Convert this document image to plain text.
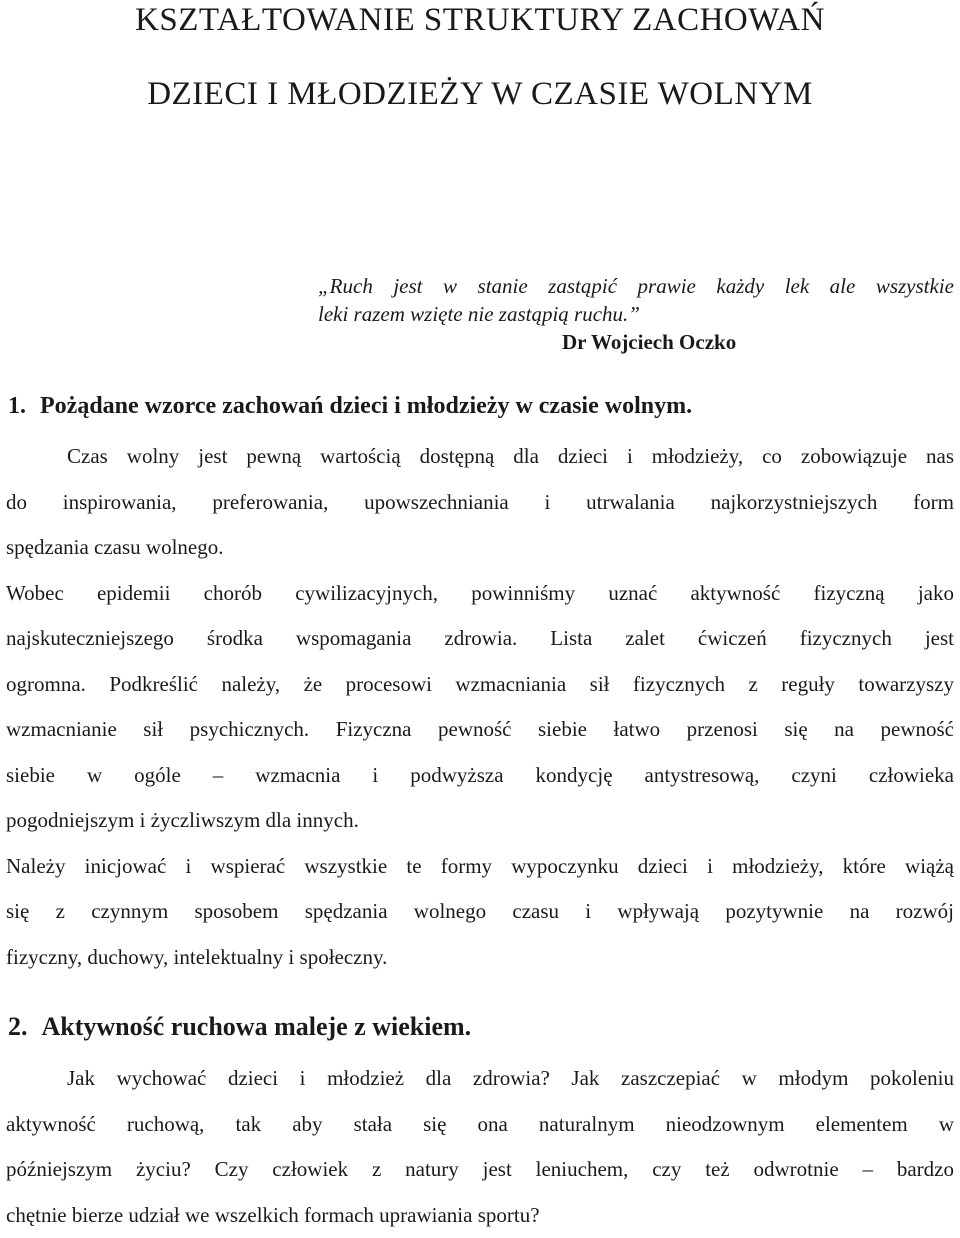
KSZTAŁTOWANIE STRUKTURY ZACHOWAŃ
DZIECI I MŁODZIEŻY W CZASIE WOLNYM

„Ruch jest w stanie zastąpić prawie każdy lek ale wszystkie

leki razem wzięte nie zastąpią ruchu.”

Dr Wojciech Oczko

1. Pożądane wzorce zachowań dzieci i młodzieży w czasie wolnym.
Czas wolny jest pewną wartością dostępną dla dzieci i młodzieży, co zobowiązuje nas
do inspirowania, preferowania, upowszechniania i utrwalania najkorzystniejszych form
spędzania czasu wolnego.
Wobec epidemii chorób cywilizacyjnych, powinniśmy uznać aktywność fizyczną jako
najskuteczniejszego środka wspomagania zdrowia. Lista zalet ćwiczeń fizycznych jest
ogromna. Podkreślić należy, że procesowi wzmacniania sił fizycznych z reguły towarzyszy
wzmacnianie sił psychicznych. Fizyczna pewność siebie łatwo przenosi się na pewność
siebie w ogóle – wzmacnia i podwyższa kondycję antystresową, czyni człowieka
pogodniejszym i życzliwszym dla innych.
Należy inicjować i wspierać wszystkie te formy wypoczynku dzieci i młodzieży, które wiążą
się z czynnym sposobem spędzania wolnego czasu i wpływają pozytywnie na rozwój
fizyczny, duchowy, intelektualny i społeczny.
2. Aktywność ruchowa maleje z wiekiem.
Jak wychować dzieci i młodzież dla zdrowia? Jak zaszczepiać w młodym pokoleniu
aktywność ruchową, tak aby stała się ona naturalnym nieodzownym elementem w
późniejszym życiu? Czy człowiek z natury jest leniuchem, czy też odwrotnie – bardzo
chętnie bierze udział we wszelkich formach uprawiania sportu?
